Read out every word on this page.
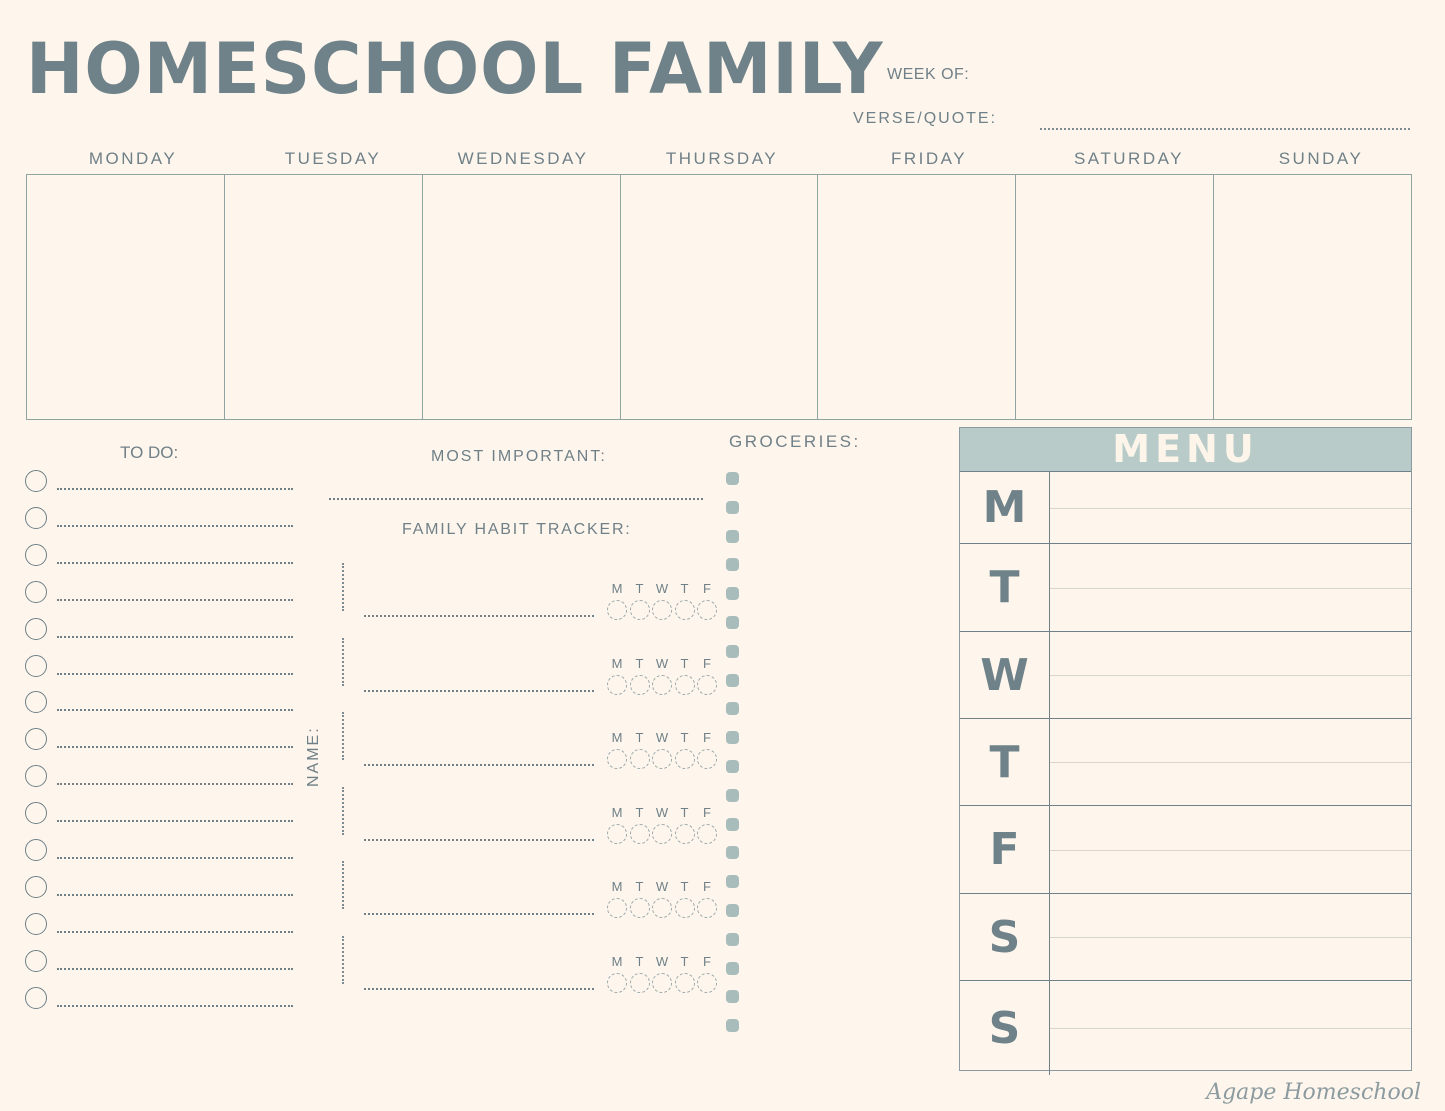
HOMESCHOOL FAMILY WEEK OF:
VERSE/QUOTE:
MONDAY	TUESDAY	WEDNESDAY	THURSDAY	FRIDAY	SATURDAY	SUNDAY
TO DO:	MOST IMPORTANT:
FAMILY HABIT TRACKER:
NAME:
M	T W T	F
M	T W T	F
M	T W T	F
M	T W T	F
M	T W T	F
M	T W T	F
GROCERIES:	MENU
M
T
W
T
F
S
S
Agape Homeschool
